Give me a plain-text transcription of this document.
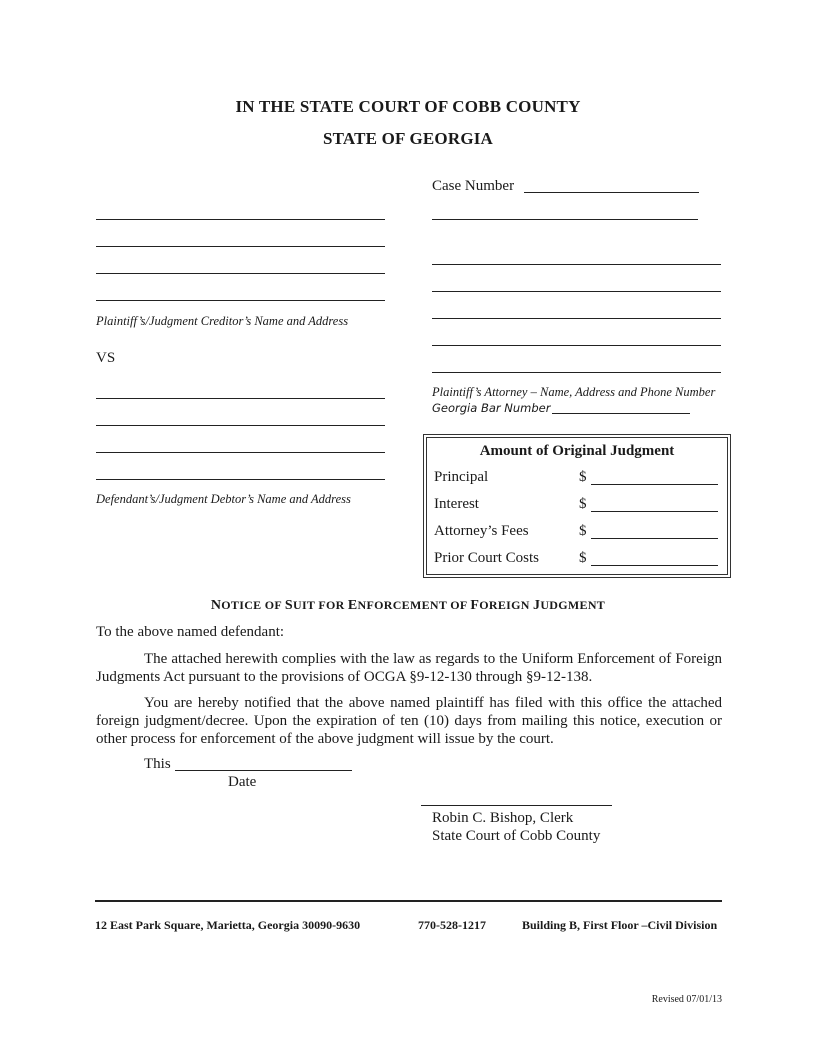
IN THE STATE COURT OF COBB COUNTY
STATE OF GEORGIA
Case Number
Plaintiff’s/Judgment Creditor’s Name and Address
VS
Defendant’s/Judgment Debtor’s Name and Address
Plaintiff’s Attorney – Name, Address and Phone Number
Georgia Bar Number
Amount of Original Judgment
Principal	$
Interest	$
Attorney’s Fees	$
Prior Court Costs	$
NOTICE OF SUIT FOR ENFORCEMENT OF FOREIGN JUDGMENT
To the above named defendant:
The attached herewith complies with the law as regards to the Uniform Enforcement of Foreign Judgments Act pursuant to the provisions of OCGA §9-12-130 through §9-12-138.
You are hereby notified that the above named plaintiff has filed with this office the attached foreign judgment/decree. Upon the expiration of ten (10) days from mailing this notice, execution or other process for enforcement of the above judgment will issue by the court.
This
Date
Robin C. Bishop, Clerk
State Court of Cobb County
12 East Park Square, Marietta, Georgia 30090-9630	770-528-1217	Building B, First Floor –Civil Division
Revised 07/01/13
